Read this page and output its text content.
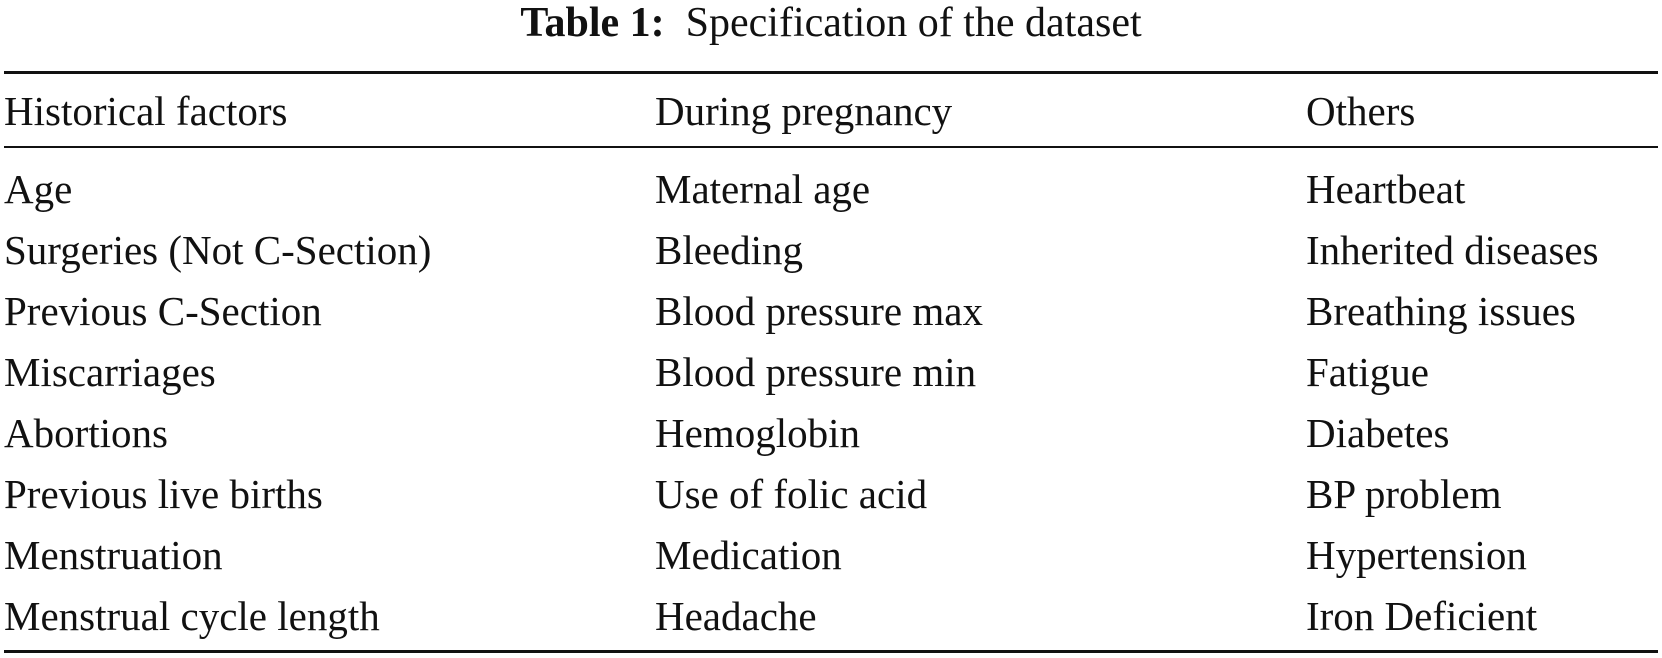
Table 1: Specification of the dataset
Historical factors	During pregnancy	Others
Age	Maternal age	Heartbeat
Surgeries (Not C-Section)	Bleeding	Inherited diseases
Previous C-Section	Blood pressure max	Breathing issues
Miscarriages	Blood pressure min	Fatigue
Abortions	Hemoglobin	Diabetes
Previous live births	Use of folic acid	BP problem
Menstruation	Medication	Hypertension
Menstrual cycle length	Headache	Iron Deficient
